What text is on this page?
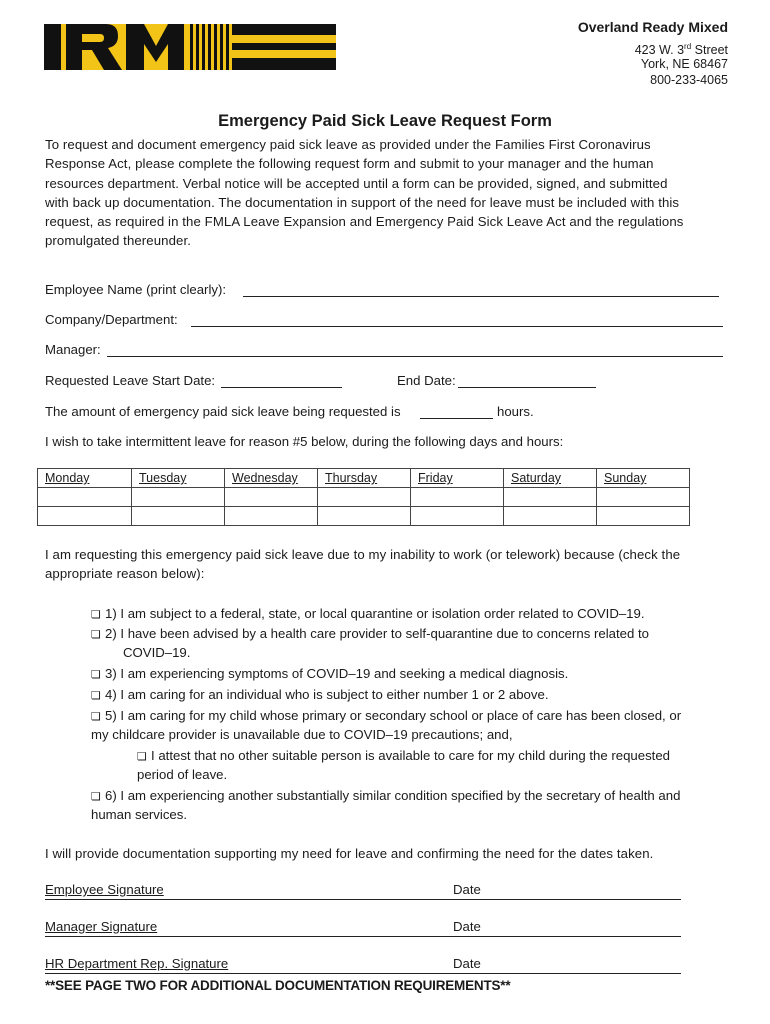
Overland Ready Mixed
423 W. 3rd Street
York, NE 68467
800-233-4065
Emergency Paid Sick Leave Request Form
To request and document emergency paid sick leave as provided under the Families First Coronavirus
Response Act, please complete the following request form and submit to your manager and the human
resources department. Verbal notice will be accepted until a form can be provided, signed, and submitted
with back up documentation. The documentation in support of the need for leave must be included with this
request, as required in the FMLA Leave Expansion and Emergency Paid Sick Leave Act and the regulations
promulgated thereunder.
Employee Name (print clearly):
Company/Department:
Manager:
Requested Leave Start Date:	End Date:
The amount of emergency paid sick leave being requested is	hours.
I wish to take intermittent leave for reason #5 below, during the following days and hours:
Monday	Tuesday	Wednesday	Thursday	Friday	Saturday	Sunday

I am requesting this emergency paid sick leave due to my inability to work (or telework) because (check the
appropriate reason below):
❏ 1) I am subject to a federal, state, or local quarantine or isolation order related to COVID–19.
❏ 2) I have been advised by a health care provider to self-quarantine due to concerns related to
COVID–19.
❏ 3) I am experiencing symptoms of COVID–19 and seeking a medical diagnosis.
❏ 4) I am caring for an individual who is subject to either number 1 or 2 above.
❏ 5) I am caring for my child whose primary or secondary school or place of care has been closed, or
my childcare provider is unavailable due to COVID–19 precautions; and,
❏ I attest that no other suitable person is available to care for my child during the requested
period of leave.
❏ 6) I am experiencing another substantially similar condition specified by the secretary of health and
human services.
I will provide documentation supporting my need for leave and confirming the need for the dates taken.
Employee Signature	Date
Manager Signature	Date
HR Department Rep. Signature	Date
**SEE PAGE TWO FOR ADDITIONAL DOCUMENTATION REQUIREMENTS**
